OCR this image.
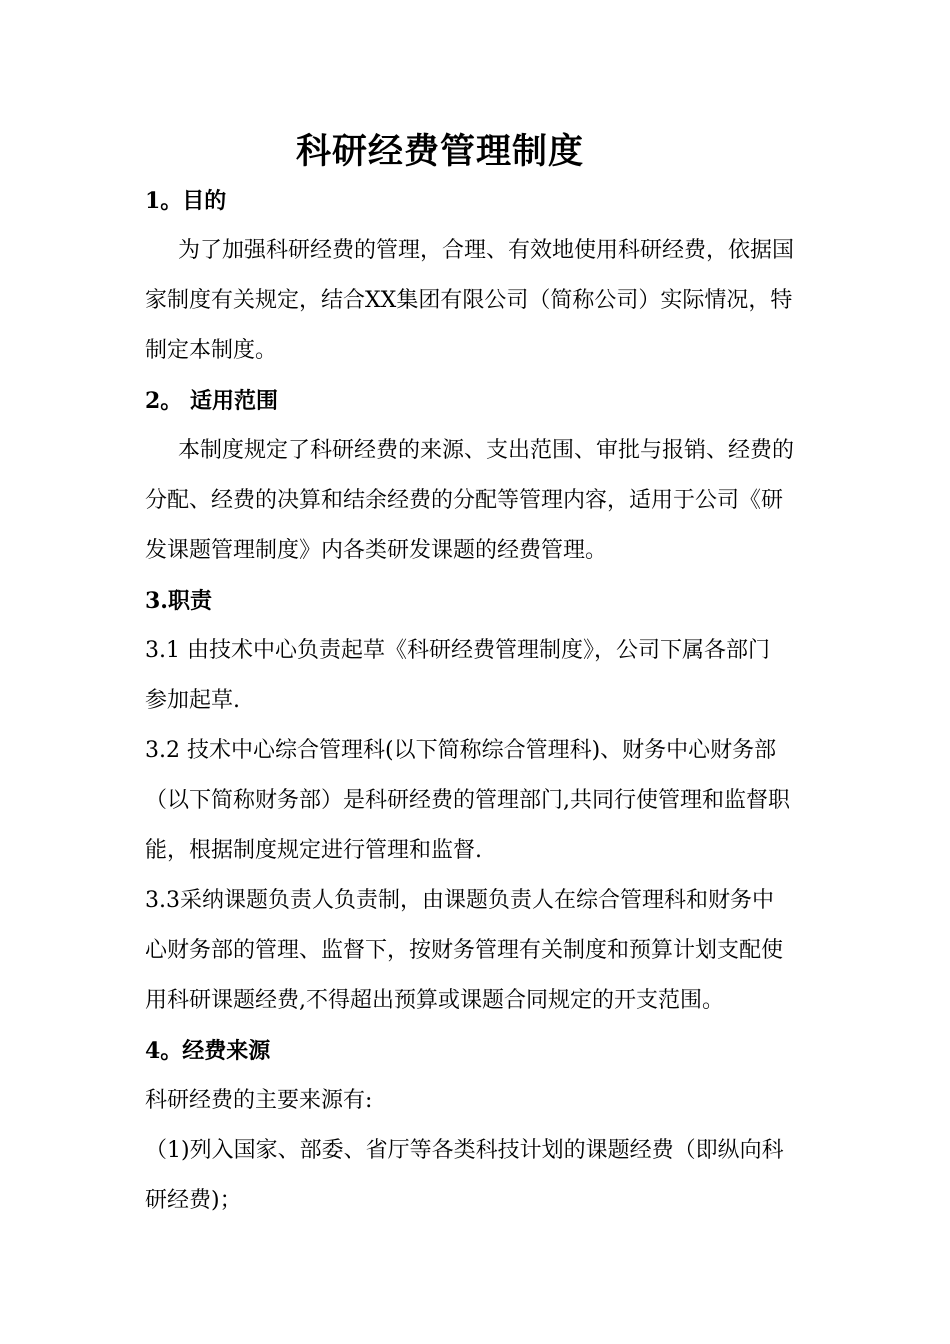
科研经费管理制度
1。目的
为了加强科研经费的管理，合理、有效地使用科研经费，依据国
家制度有关规定，结合XX集团有限公司（简称公司）实际情况，特
制定本制度。
2。 适用范围
本制度规定了科研经费的来源、支出范围、审批与报销、经费的
分配、经费的决算和结余经费的分配等管理内容，适用于公司《研
发课题管理制度》内各类研发课题的经费管理。
3.职责
3.1 由技术中心负责起草《科研经费管理制度》，公司下属各部门
参加起草.
3.2 技术中心综合管理科(以下简称综合管理科)、财务中心财务部
（以下简称财务部）是科研经费的管理部门,共同行使管理和监督职
能，根据制度规定进行管理和监督.
3.3采纳课题负责人负责制，由课题负责人在综合管理科和财务中
心财务部的管理、监督下，按财务管理有关制度和预算计划支配使
用科研课题经费,不得超出预算或课题合同规定的开支范围。
4。经费来源
科研经费的主要来源有:
（1)列入国家、部委、省厅等各类科技计划的课题经费（即纵向科
研经费)；
